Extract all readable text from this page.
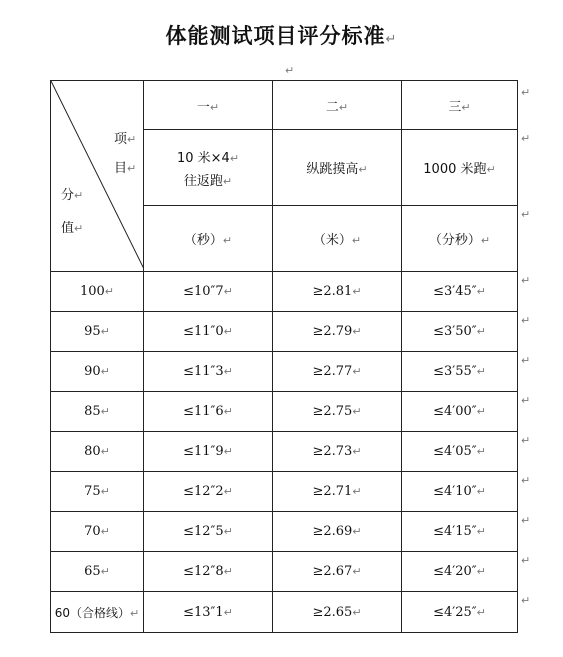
体能测试项目评分标准↵
↵
项↵
目↵
分↵
值↵	一↵	二↵	三↵

	10 米×4↵
往返跑↵	纵跳摸高↵	1000 米跑↵
	（秒）↵	（米）↵	（分秒）↵
100↵	≤10″7↵	≥2.81↵	≤3′45″↵
95↵	≤11″0↵	≥2.79↵	≤3′50″↵
90↵	≤11″3↵	≥2.77↵	≤3′55″↵
85↵	≤11″6↵	≥2.75↵	≤4′00″↵
80↵	≤11″9↵	≥2.73↵	≤4′05″↵
75↵	≤12″2↵	≥2.71↵	≤4′10″↵
70↵	≤12″5↵	≥2.69↵	≤4′15″↵
65↵	≤12″8↵	≥2.67↵	≤4′20″↵
60（合格线）↵	≤13″1↵	≥2.65↵	≤4′25″↵
↵
↵
↵
↵
↵
↵
↵
↵
↵
↵
↵
↵
